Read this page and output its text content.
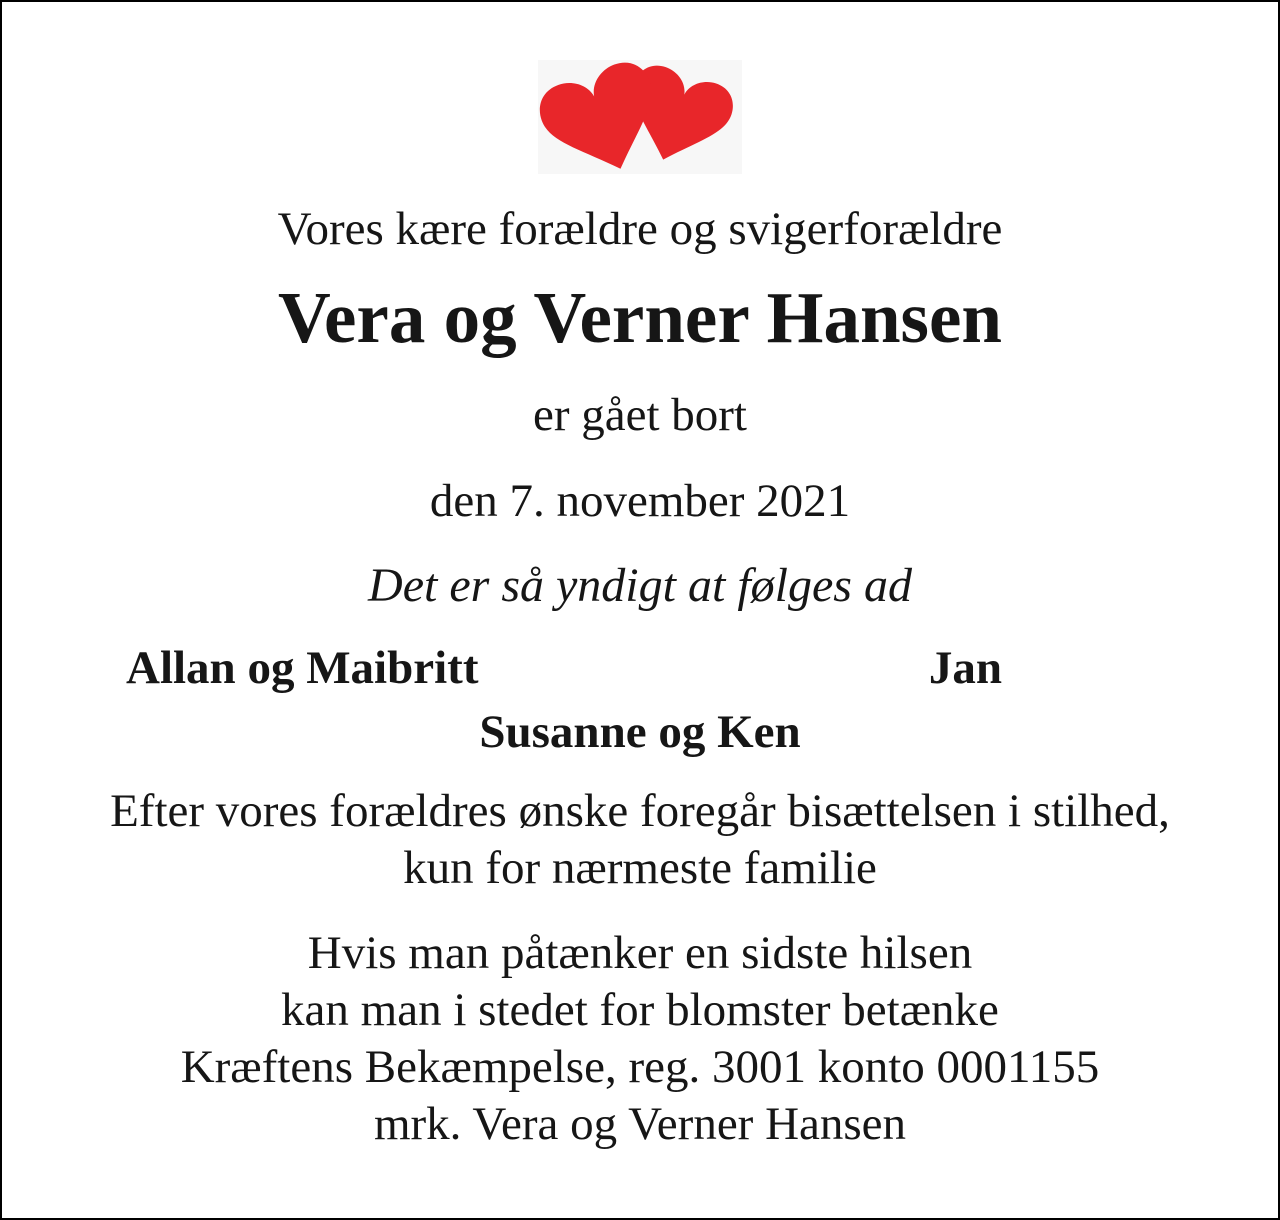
Vores kære forældre og svigerforældre
Vera og Verner Hansen
er gået bort
den 7. november 2021
Det er så yndigt at følges ad
Allan og Maibritt	Jan
Susanne og Ken
Efter vores forældres ønske foregår bisættelsen i stilhed,
kun for nærmeste familie
Hvis man påtænker en sidste hilsen
kan man i stedet for blomster betænke
Kræftens Bekæmpelse, reg. 3001 konto 0001155
mrk. Vera og Verner Hansen
